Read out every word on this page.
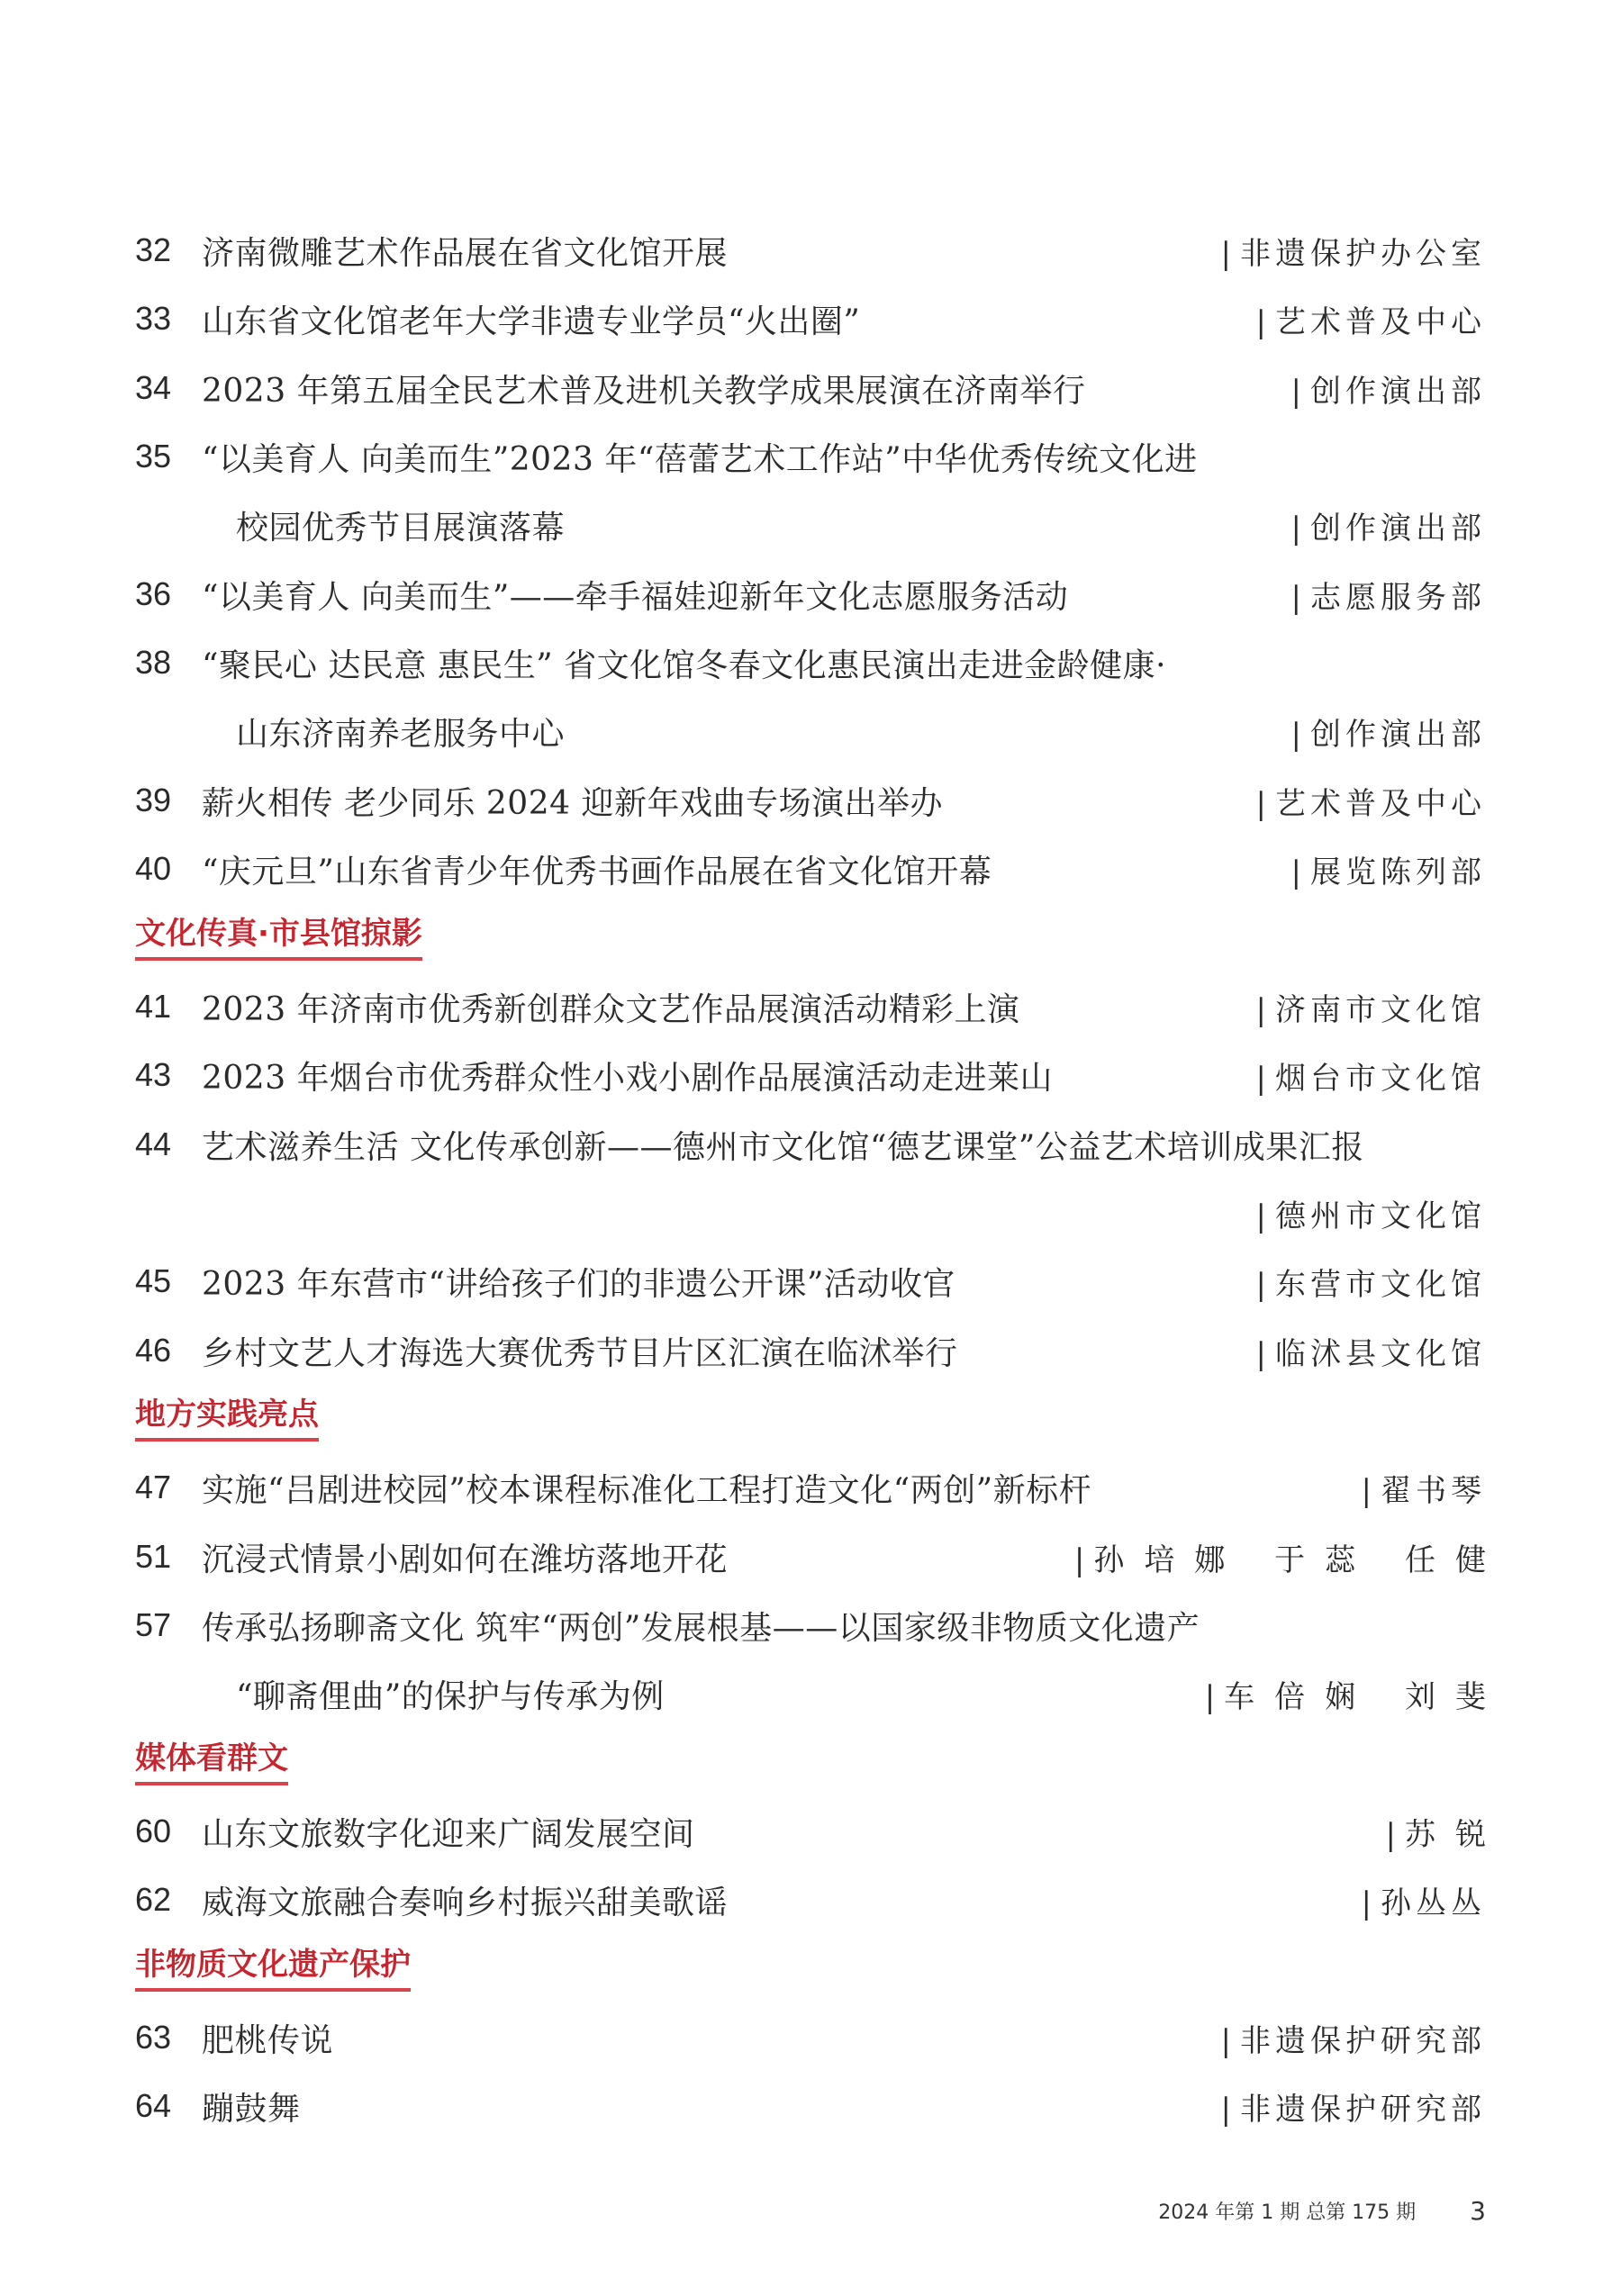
32 济南微雕艺术作品展在省文化馆开展	| 非遗保护办公室
33 山东省文化馆老年大学非遗专业学员“火出圈”	| 艺术普及中心
34 2023 年第五届全民艺术普及进机关教学成果展演在济南举行	| 创作演出部
35 “以美育人 向美而生”2023 年“蓓蕾艺术工作站”中华优秀传统文化进
校园优秀节目展演落幕	| 创作演出部
36 “以美育人 向美而生”——牵手福娃迎新年文化志愿服务活动	| 志愿服务部
38 “聚民心 达民意 惠民生” 省文化馆冬春文化惠民演出走进金龄健康·
山东济南养老服务中心	| 创作演出部
39 薪火相传 老少同乐 2024 迎新年戏曲专场演出举办	| 艺术普及中心
40 “庆元旦”山东省青少年优秀书画作品展在省文化馆开幕	| 展览陈列部
文化传真·市县馆掠影
41 2023 年济南市优秀新创群众文艺作品展演活动精彩上演	| 济南市文化馆
43 2023 年烟台市优秀群众性小戏小剧作品展演活动走进莱山	| 烟台市文化馆
44 艺术滋养生活 文化传承创新——德州市文化馆“德艺课堂”公益艺术培训成果汇报
| 德州市文化馆
45 2023 年东营市“讲给孩子们的非遗公开课”活动收官	| 东营市文化馆
46 乡村文艺人才海选大赛优秀节目片区汇演在临沭举行	| 临沭县文化馆
地方实践亮点
47 实施“吕剧进校园”校本课程标准化工程打造文化“两创”新标杆	| 翟书琴
51 沉浸式情景小剧如何在潍坊落地开花	| 孙培娜 于蕊 任健
57 传承弘扬聊斋文化 筑牢“两创”发展根基——以国家级非物质文化遗产
“聊斋俚曲”的保护与传承为例	| 车倍娴 刘斐
媒体看群文
60 山东文旅数字化迎来广阔发展空间	| 苏锐
62 威海文旅融合奏响乡村振兴甜美歌谣	| 孙丛丛
非物质文化遗产保护
63 肥桃传说	| 非遗保护研究部
64 蹦鼓舞	| 非遗保护研究部
2024 年第 1 期 总第 175 期 3
